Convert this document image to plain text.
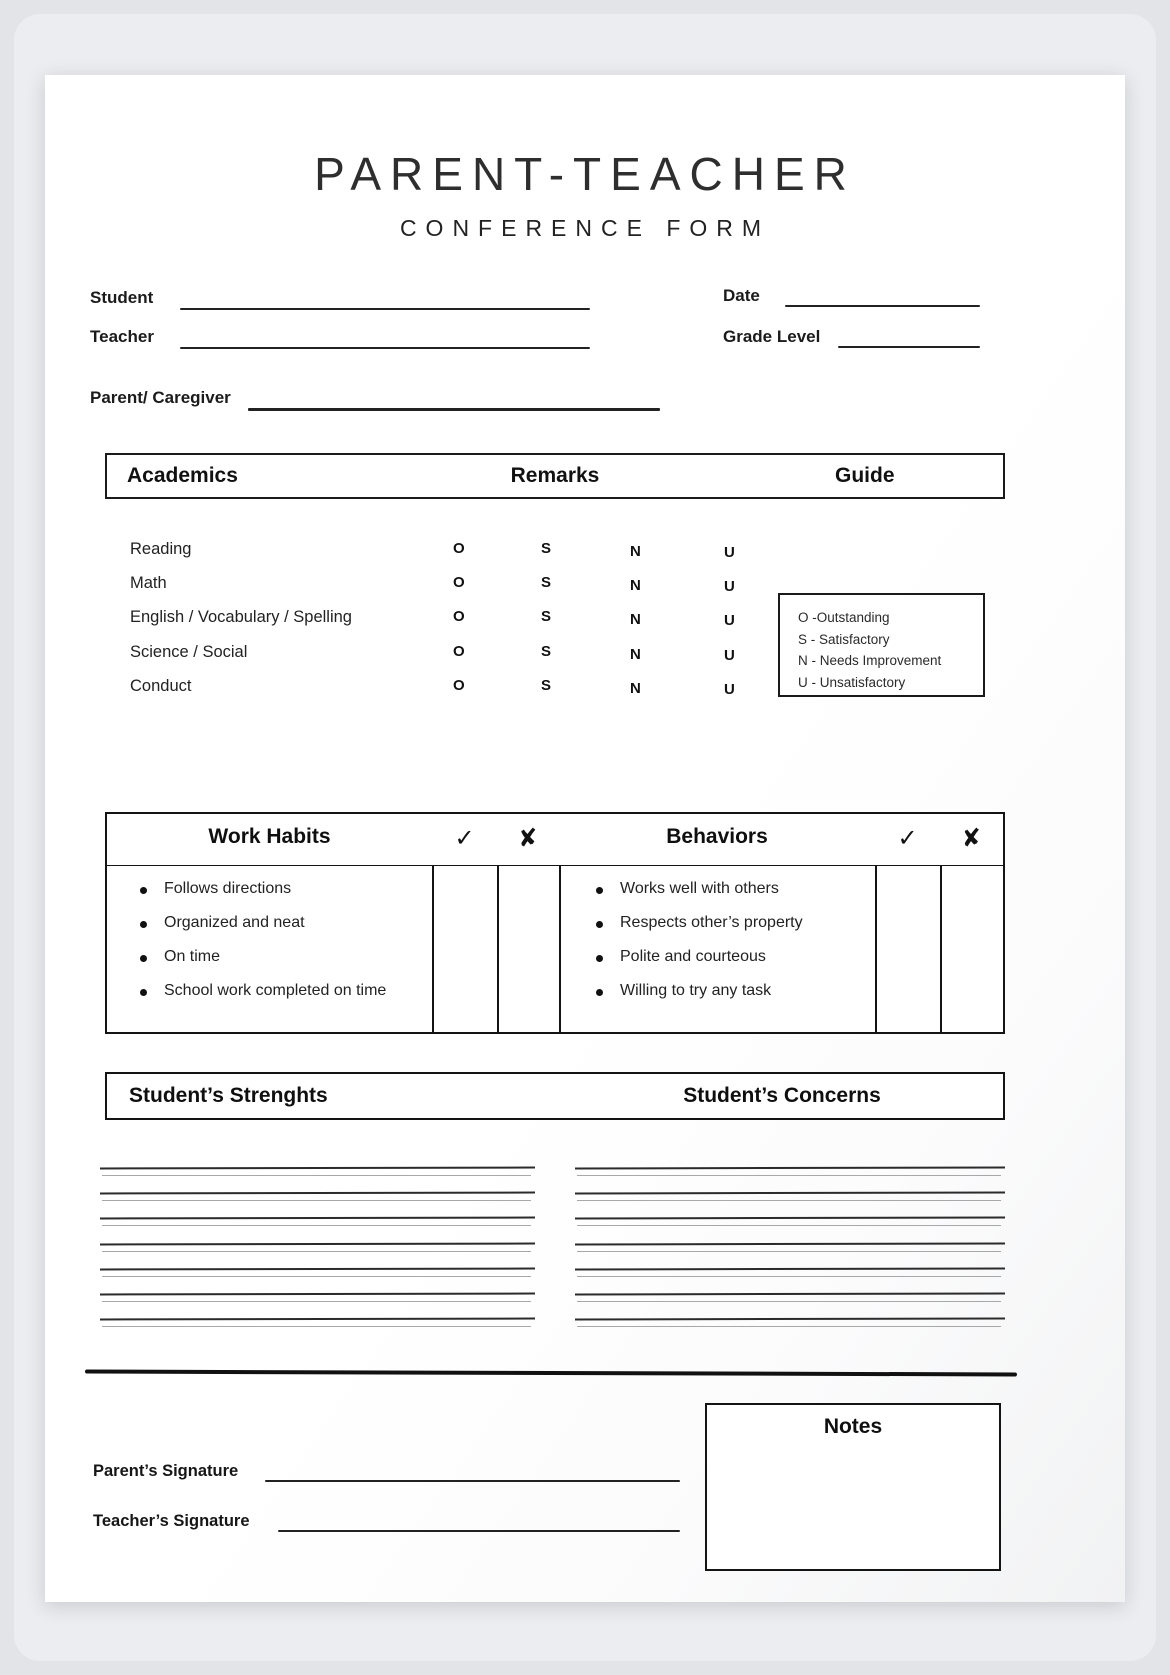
PARENT-TEACHER
CONFERENCE FORM
Student	Date
Teacher	Grade Level
Parent/ Caregiver
Academics	Remarks	Guide
Reading	O	S	N	U
Math	O	S	N	U
English / Vocabulary / Spelling	O	S	N	U
Science / Social	O	S	N	U
Conduct	O	S	N	U
O -Outstanding
S - Satisfactory
N - Needs Improvement
U - Unsatisfactory
Work Habits	✓	✘	Behaviors	✓	✘
Follows directions
Organized and neat
On time
School work completed on time
Works well with others
Respects other’s property
Polite and courteous
Willing to try any task
Student’s Strenghts	Student’s Concerns
Notes
Parent’s Signature
Teacher’s Signature
